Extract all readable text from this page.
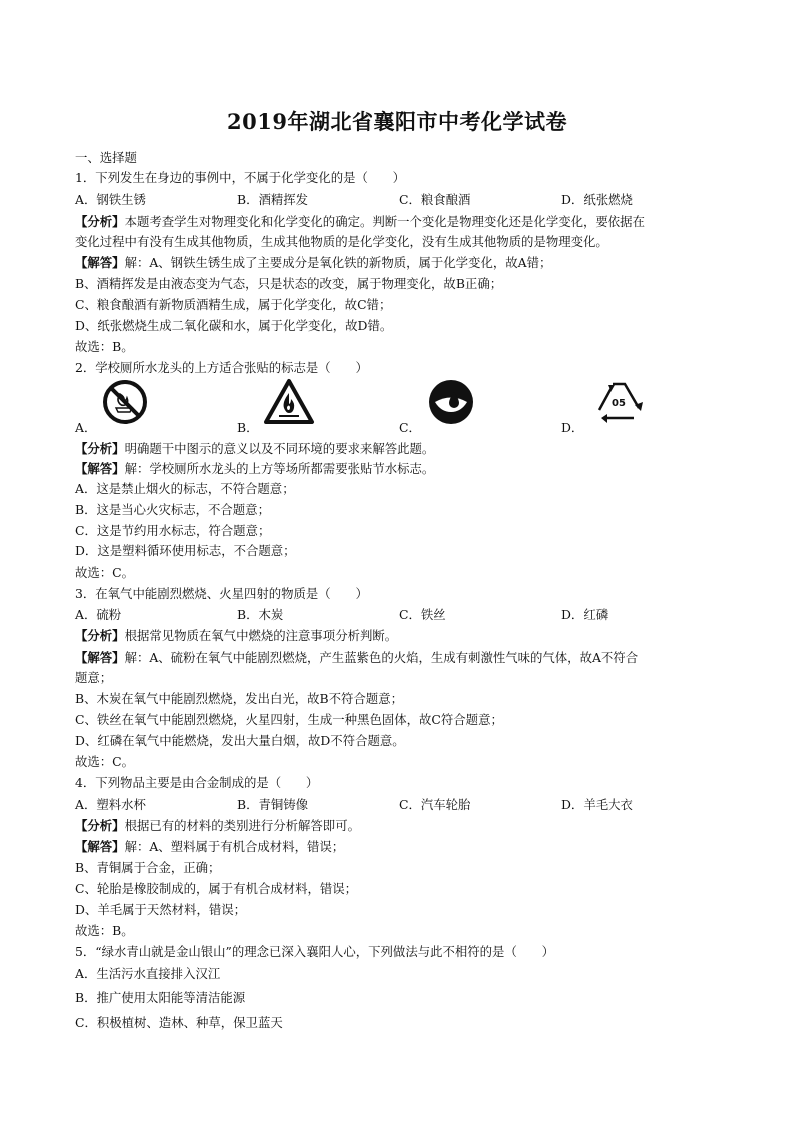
2019年湖北省襄阳市中考化学试卷
一、选择题
1．下列发生在身边的事例中，不属于化学变化的是（　　）
A．钢铁生锈	B．酒精挥发	C．粮食酿酒	D．纸张燃烧
【分析】本题考查学生对物理变化和化学变化的确定。判断一个变化是物理变化还是化学变化，要依据在
变化过程中有没有生成其他物质，生成其他物质的是化学变化，没有生成其他物质的是物理变化。
【解答】解：A、钢铁生锈生成了主要成分是氧化铁的新物质，属于化学变化，故A错；
B、酒精挥发是由液态变为气态，只是状态的改变，属于物理变化，故B正确；
C、粮食酿酒有新物质酒精生成，属于化学变化，故C错；
D、纸张燃烧生成二氧化碳和水，属于化学变化，故D错。
故选：B。
2．学校厕所水龙头的上方适合张贴的标志是（　　）
A．	B．	C．	D．
05
【分析】明确题干中图示的意义以及不同环境的要求来解答此题。
【解答】解：学校厕所水龙头的上方等场所都需要张贴节水标志。
A．这是禁止烟火的标志，不符合题意；
B．这是当心火灾标志，不合题意；
C．这是节约用水标志，符合题意；
D．这是塑料循环使用标志，不合题意；
故选：C。
3．在氧气中能剧烈燃烧、火星四射的物质是（　　）
A．硫粉	B．木炭	C．铁丝	D．红磷
【分析】根据常见物质在氧气中燃烧的注意事项分析判断。
【解答】解：A、硫粉在氧气中能剧烈燃烧，产生蓝紫色的火焰，生成有刺激性气味的气体，故A不符合
题意；
B、木炭在氧气中能剧烈燃烧，发出白光，故B不符合题意；
C、铁丝在氧气中能剧烈燃烧，火星四射，生成一种黑色固体，故C符合题意；
D、红磷在氧气中能燃烧，发出大量白烟，故D不符合题意。
故选：C。
4．下列物品主要是由合金制成的是（　　）
A．塑料水杯	B．青铜铸像	C．汽车轮胎	D．羊毛大衣
【分析】根据已有的材料的类别进行分析解答即可。
【解答】解：A、塑料属于有机合成材料，错误；
B、青铜属于合金，正确；
C、轮胎是橡胶制成的，属于有机合成材料，错误；
D、羊毛属于天然材料，错误；
故选：B。
5．“绿水青山就是金山银山”的理念已深入襄阳人心，下列做法与此不相符的是（　　）
A．生活污水直接排入汉江
B．推广使用太阳能等清洁能源
C．积极植树、造林、种草，保卫蓝天
